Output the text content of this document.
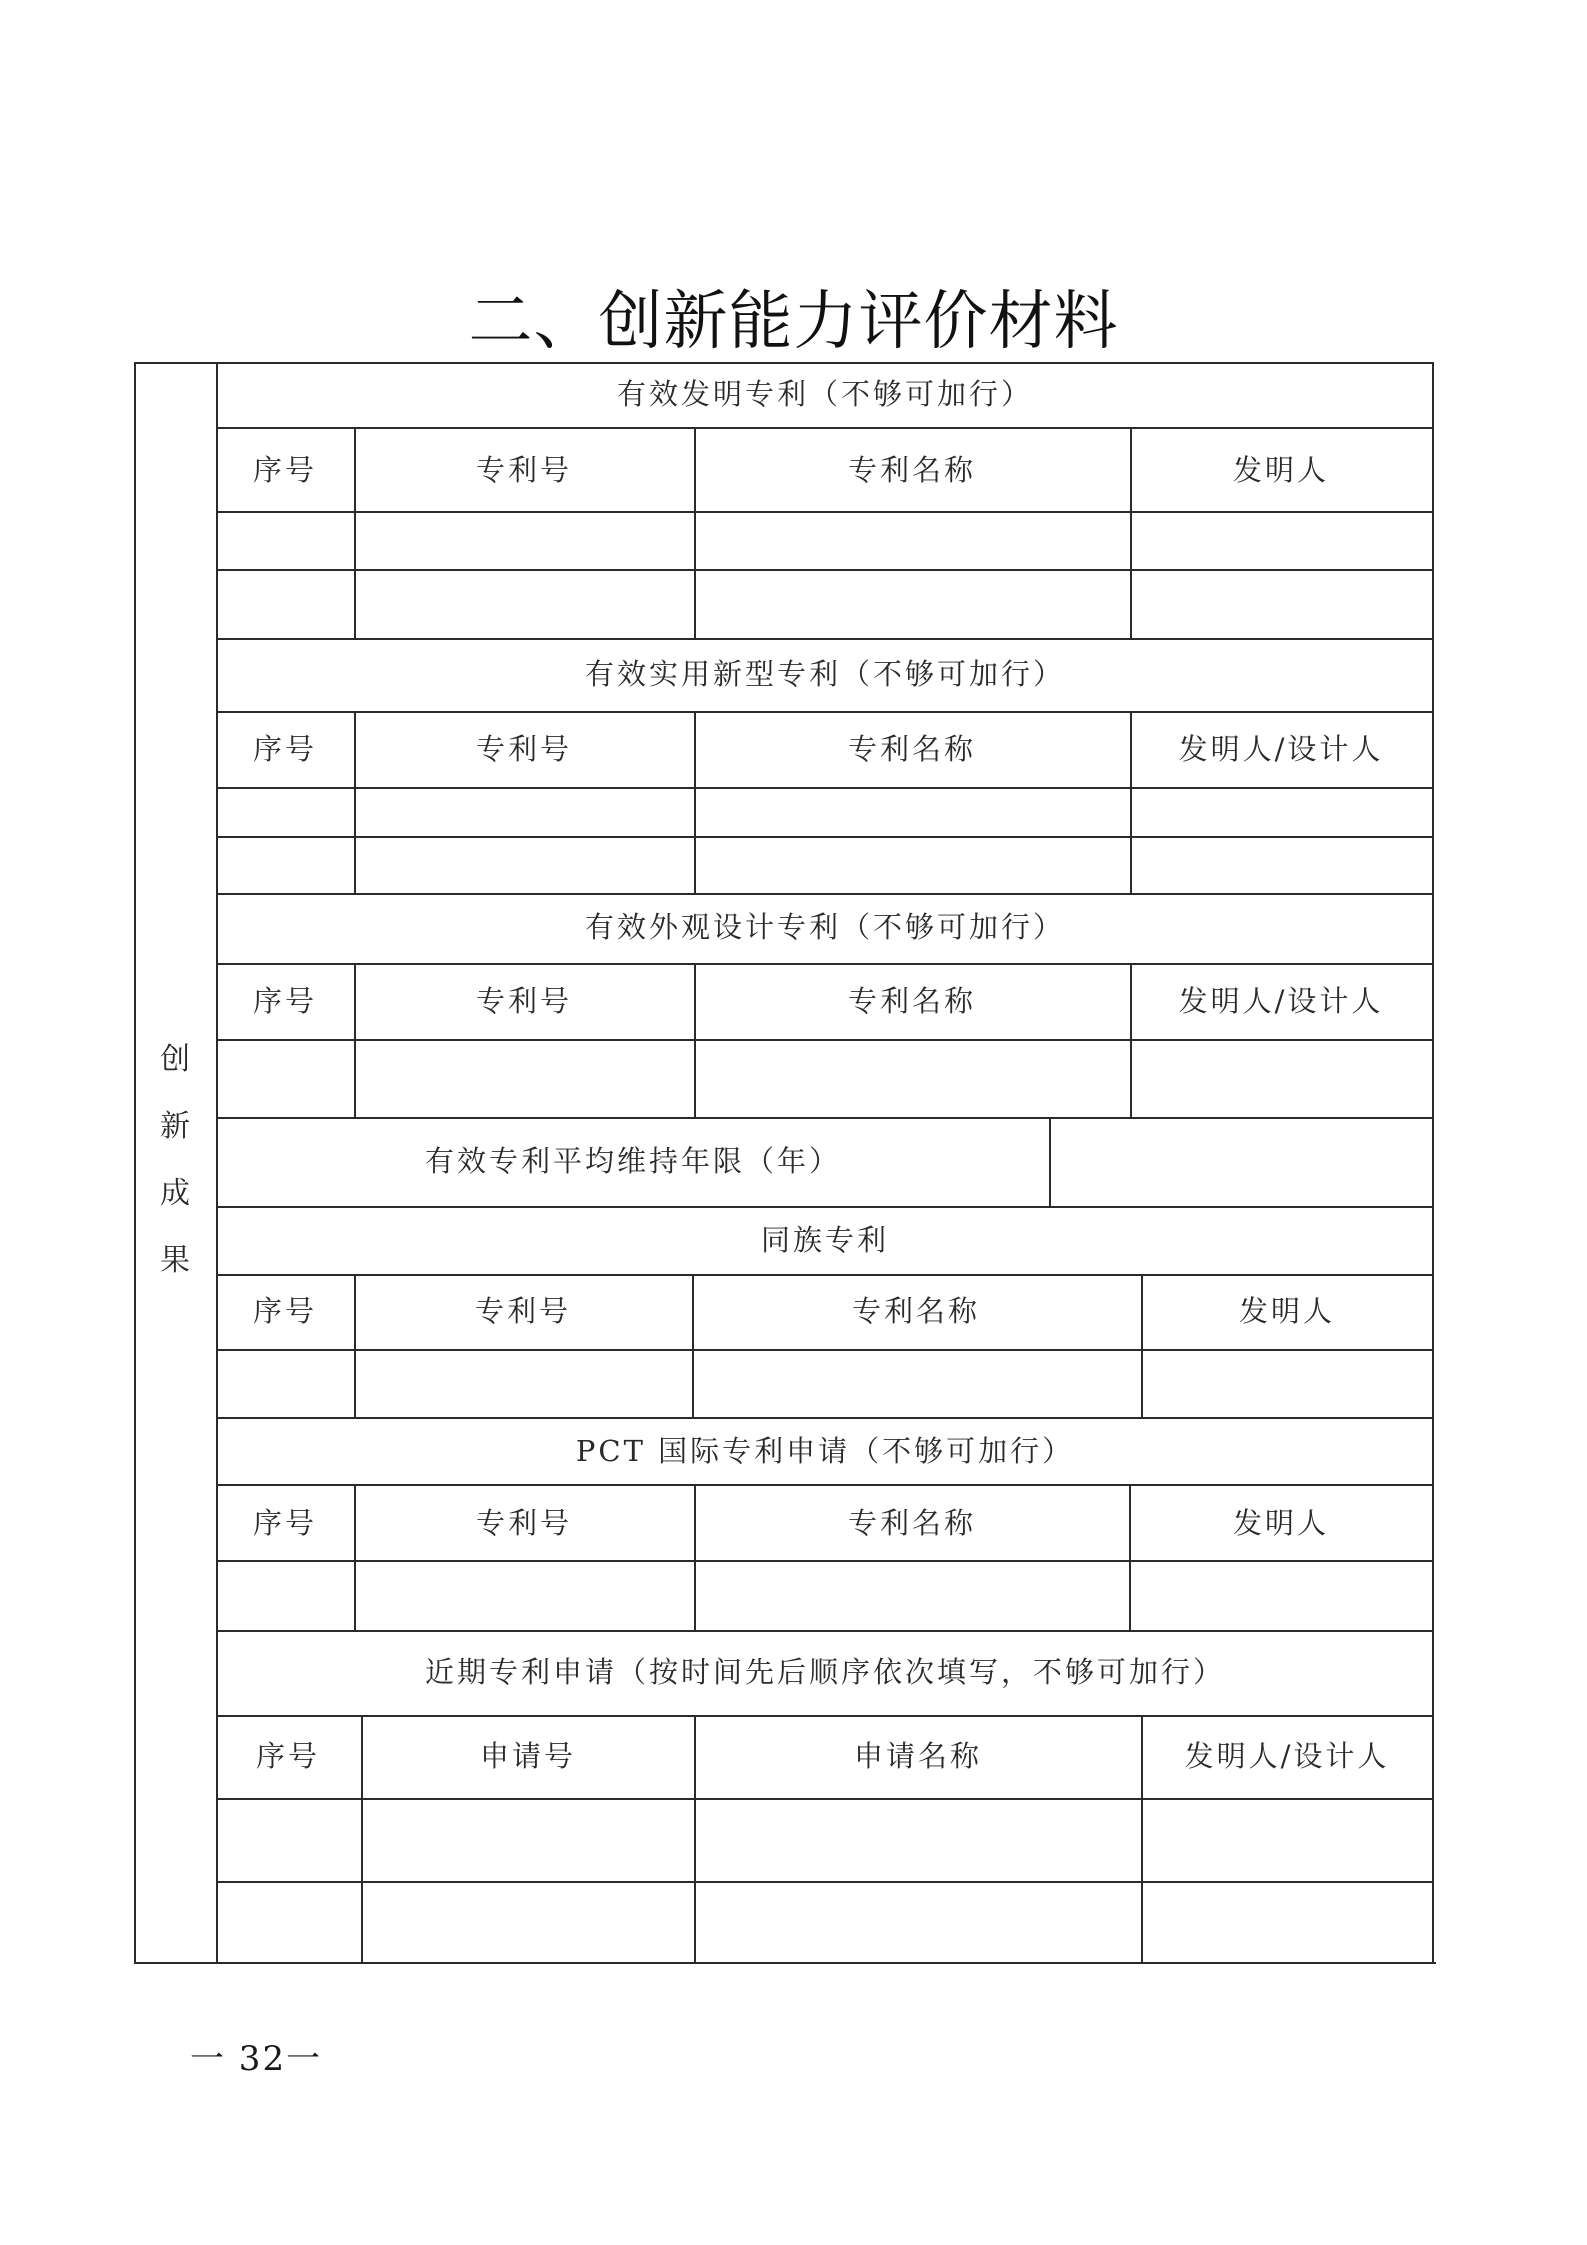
二、创新能力评价材料
创
新
成
果
有效发明专利（不够可加行）
序号	专利号	专利名称	发明人
有效实用新型专利（不够可加行）
序号	专利号	专利名称	发明人/设计人
有效外观设计专利（不够可加行）
序号	专利号	专利名称	发明人/设计人
有效专利平均维持年限（年）
同族专利
序号	专利号	专利名称	发明人
PCT 国际专利申请（不够可加行）
序号	专利号	专利名称	发明人
近期专利申请（按时间先后顺序依次填写，不够可加行）
序号	申请号	申请名称	发明人/设计人
一 32一
